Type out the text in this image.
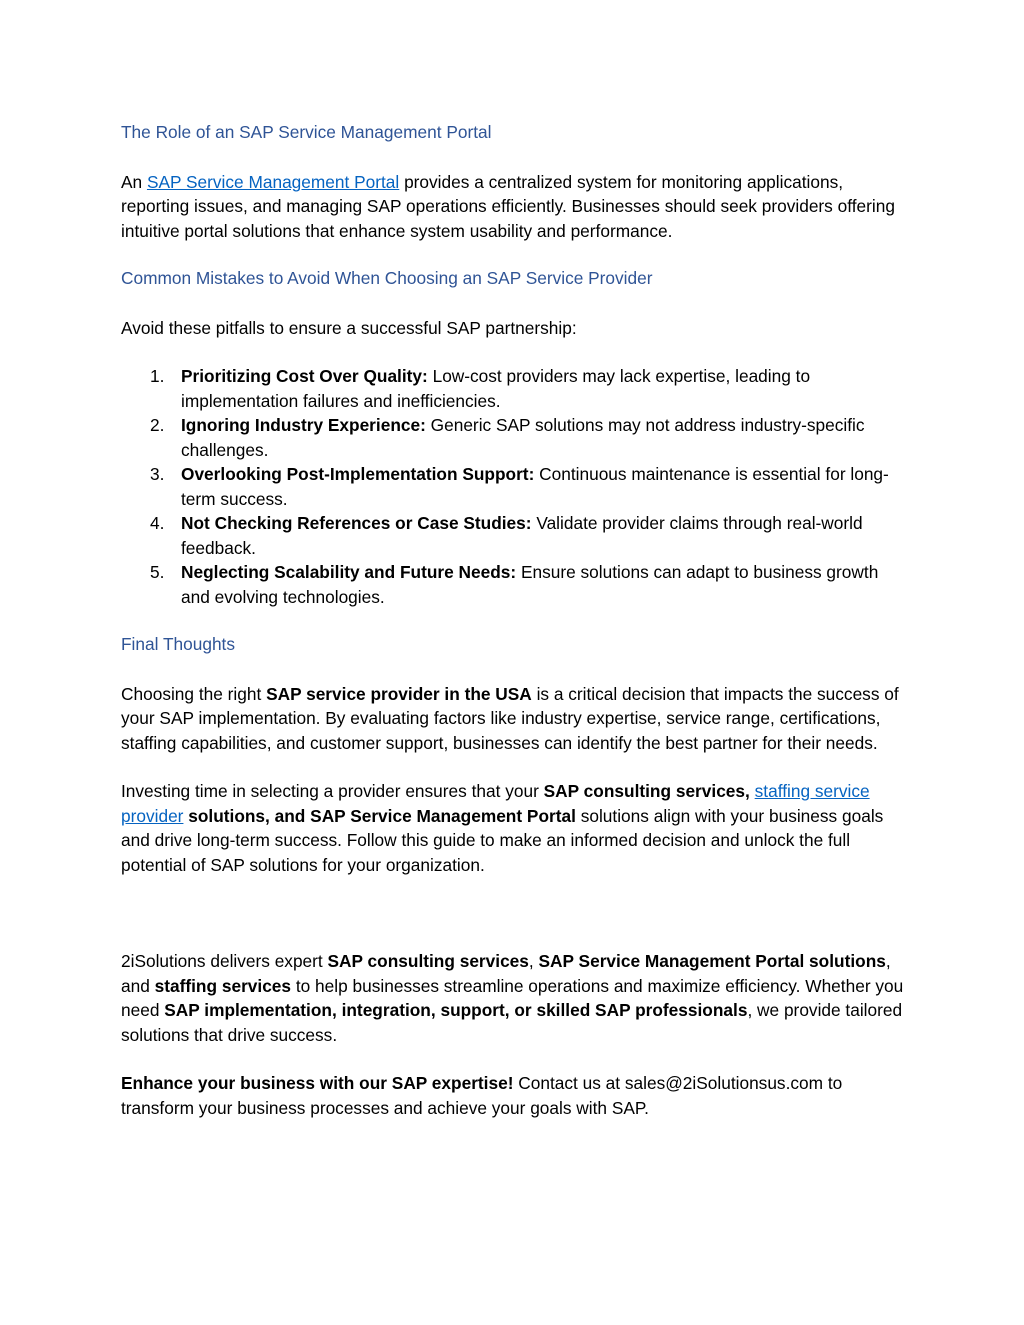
The Role of an SAP Service Management Portal

An SAP Service Management Portal provides a centralized system for monitoring applications, reporting issues, and managing SAP operations efficiently. Businesses should seek providers offering intuitive portal solutions that enhance system usability and performance.

Common Mistakes to Avoid When Choosing an SAP Service Provider

Avoid these pitfalls to ensure a successful SAP partnership:

1. Prioritizing Cost Over Quality: Low-cost providers may lack expertise, leading to implementation failures and inefficiencies.
2. Ignoring Industry Experience: Generic SAP solutions may not address industry-specific challenges.
3. Overlooking Post-Implementation Support: Continuous maintenance is essential for long-term success.
4. Not Checking References or Case Studies: Validate provider claims through real-world feedback.
5. Neglecting Scalability and Future Needs: Ensure solutions can adapt to business growth and evolving technologies.
Final Thoughts

Choosing the right SAP service provider in the USA is a critical decision that impacts the success of your SAP implementation. By evaluating factors like industry expertise, service range, certifications, staffing capabilities, and customer support, businesses can identify the best partner for their needs.

Investing time in selecting a provider ensures that your SAP consulting services, staffing service provider solutions, and SAP Service Management Portal solutions align with your business goals and drive long-term success. Follow this guide to make an informed decision and unlock the full potential of SAP solutions for your organization.

2iSolutions delivers expert SAP consulting services, SAP Service Management Portal solutions, and staffing services to help businesses streamline operations and maximize efficiency. Whether you need SAP implementation, integration, support, or skilled SAP professionals, we provide tailored solutions that drive success.

Enhance your business with our SAP expertise! Contact us at sales@2iSolutionsus.com to transform your business processes and achieve your goals with SAP.
